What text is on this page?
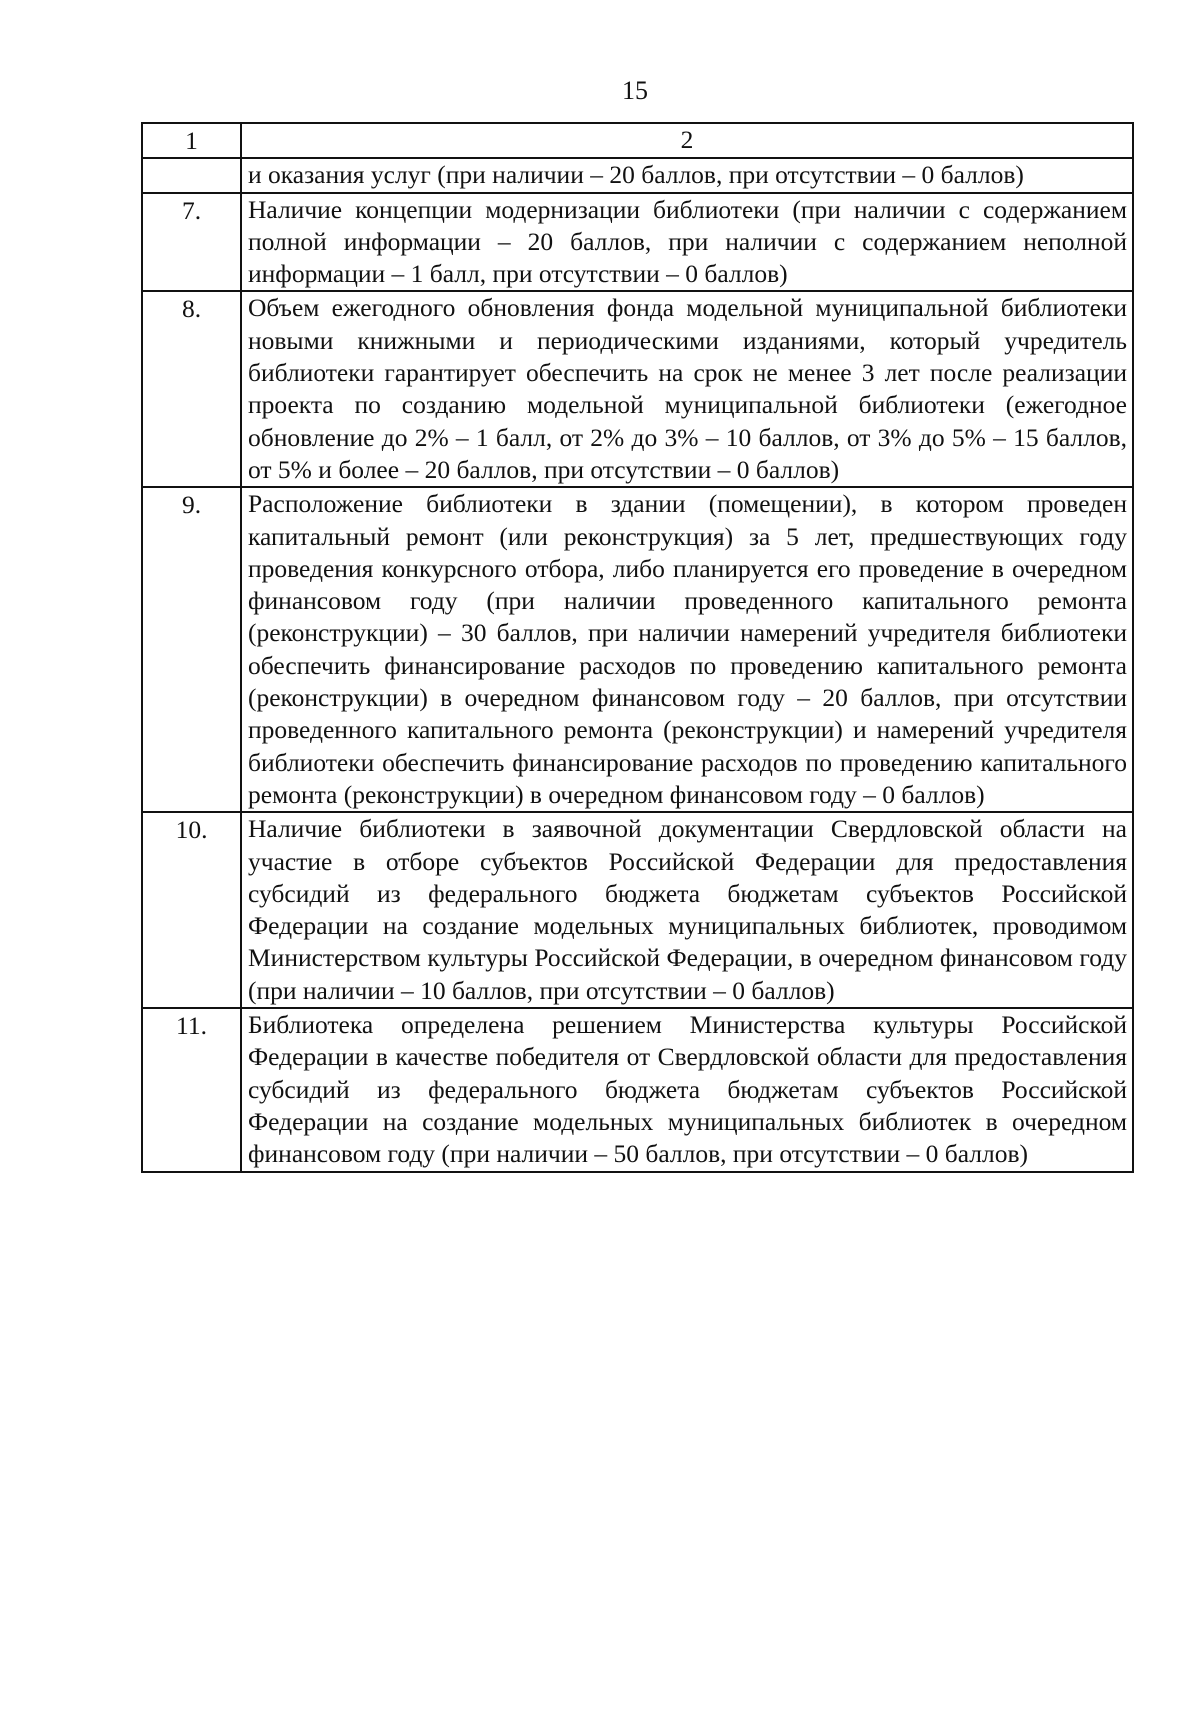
15
1	2
	и оказания услуг (при наличии – 20 баллов, при отсутствии – 0 баллов)
7.	Наличие концепции модернизации библиотеки (при наличии с содержанием полной информации – 20 баллов, при наличии с содержанием неполной информации – 1 балл, при отсутствии – 0 баллов)
8.	Объем ежегодного обновления фонда модельной муниципальной библиотеки новыми книжными и периодическими изданиями, который учредитель библиотеки гарантирует обеспечить на срок не менее 3 лет после реализации проекта по созданию модельной муниципальной библиотеки (ежегодное обновление до 2% – 1 балл, от 2% до 3% – 10 баллов, от 3% до 5% – 15 баллов, от 5% и более – 20 баллов, при отсутствии – 0 баллов)
9.	Расположение библиотеки в здании (помещении), в котором проведен капитальный ремонт (или реконструкция) за 5 лет, предшествующих году проведения конкурсного отбора, либо планируется его проведение в очередном финансовом году (при наличии проведенного капитального ремонта (реконструкции) – 30 баллов, при наличии намерений учредителя библиотеки обеспечить финансирование расходов по проведению капитального ремонта (реконструкции) в очередном финансовом году – 20 баллов, при отсутствии проведенного капитального ремонта (реконструкции) и намерений учредителя библиотеки обеспечить финансирование расходов по проведению капитального ремонта (реконструкции) в очередном финансовом году – 0 баллов)
10.	Наличие библиотеки в заявочной документации Свердловской области на участие в отборе субъектов Российской Федерации для предоставления субсидий из федерального бюджета бюджетам субъектов Российской Федерации на создание модельных муниципальных библиотек, проводимом Министерством культуры Российской Федерации, в очередном финансовом году (при наличии – 10 баллов, при отсутствии – 0 баллов)
11.	Библиотека определена решением Министерства культуры Российской Федерации в качестве победителя от Свердловской области для предоставления субсидий из федерального бюджета бюджетам субъектов Российской Федерации на создание модельных муниципальных библиотек в очередном финансовом году (при наличии – 50 баллов, при отсутствии – 0 баллов)
